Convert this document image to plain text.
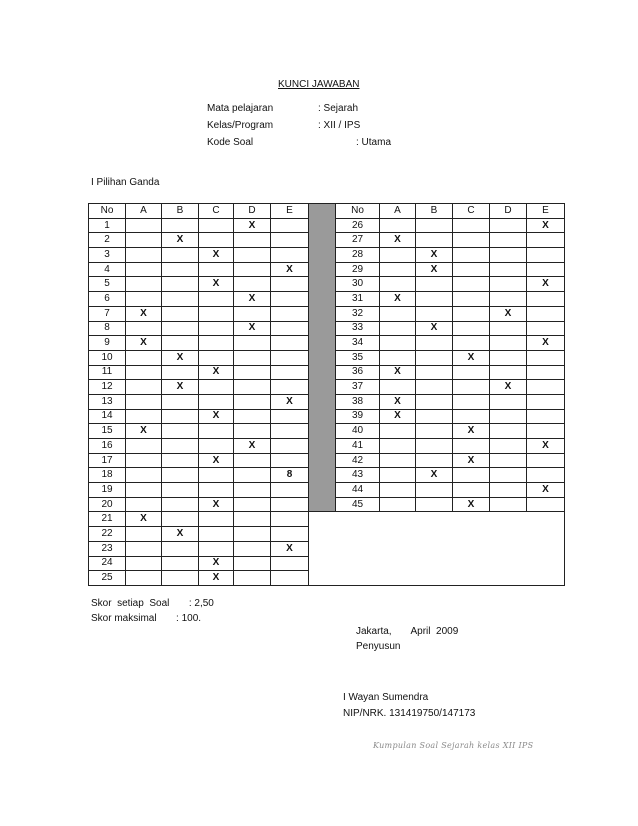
KUNCI JAWABAN
Mata pelajaran	: Sejarah
Kelas/Program	: XII / IPS
Kode Soal	: Utama
I Pilihan Ganda
No	A	B	C	D	E		No	A	B	C	D	E
1				X			26					X
2		X					27	X				
3			X				28		X			
4					X		29		X			
5			X				30					X
6				X			31	X				
7	X						32				X	
8				X			33		X			
9	X						34					X
10		X					35			X		
11			X				36	X				
12		X					37				X	
13					X		38	X				
14			X				39	X				
15	X						40			X		
16				X			41					X
17			X				42			X		
18					8		43		X			
19							44					X
20			X				45			X		
21	X											
22		X										
23					X							
24			X									
25			X									
Skor  setiap  Soal       : 2,50
Skor maksimal       : 100.
Jakarta,       April  2009
Penyusun
I Wayan Sumendra
NIP/NRK. 131419750/147173
Kumpulan Soal Sejarah kelas XII IPS
